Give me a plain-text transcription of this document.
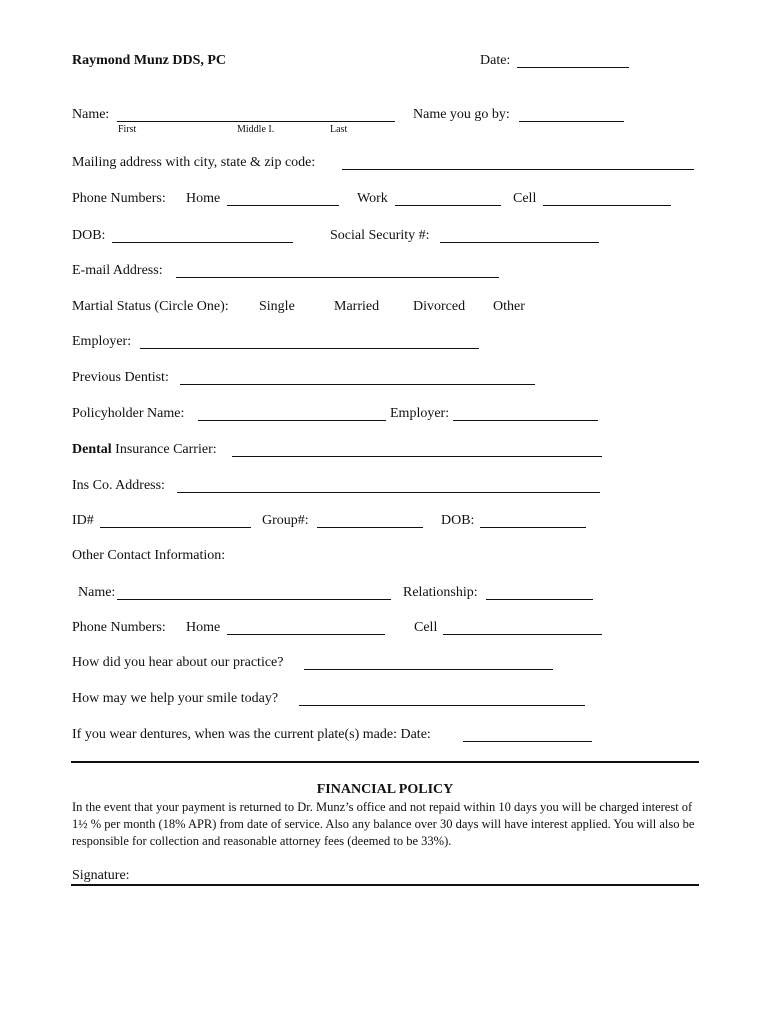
Raymond Munz DDS, PC	Date:
Name:
First	Middle I.	Last
Name you go by:
Mailing address with city, state & zip code:
Phone Numbers: Home	Work	Cell
DOB:	Social Security #:
E-mail Address:
Martial Status (Circle One): Single	Married Divorced Other
Employer:
Previous Dentist:
Policyholder Name:	Employer:
Dental Insurance Carrier:
Ins Co. Address:
ID#	Group#:	DOB:
Other Contact Information:
Name:	Relationship:
Phone Numbers: Home	Cell
How did you hear about our practice?
How may we help your smile today?
If you wear dentures, when was the current plate(s) made: Date:
FINANCIAL POLICY
In the event that your payment is returned to Dr. Munz’s office and not repaid within 10 days you will be charged interest of 1½ % per month (18% APR) from date of service. Also any balance over 30 days will have interest applied. You will also be responsible for collection and reasonable attorney fees (deemed to be 33%).
Signature:
